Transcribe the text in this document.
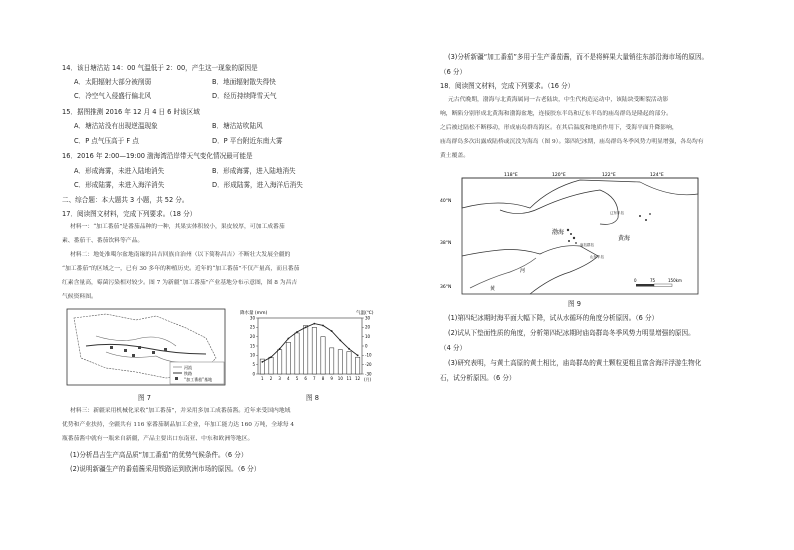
14．该日塘沽站 14：00 气温低于 2：00，产生这一现象的原因是
A．太阳辐射大部分被削弱	B．地面辐射散失得快
C．冷空气入侵盛行偏北风	D．经历持续降雪天气
15．据图推测 2016 年 12 月 4 日 6 时该区域
A．塘沽站没有出现逆温现象	B．塘沽站吹陆风
C．P 点气压高于 F 点	D．P 平台附近东南大雾
16．2016 年 2:00—19:00 渤海湾沿岸带天气变化情况最可能是
A．形成海雾，未进入陆地消失	B．形成海雾，进入陆地消失
C．形成陆雾，未进入海洋消失	D．形成陆雾，进入海洋后消失
二、综合题：本大题共 3 小题，共 52 分。
17．阅读图文材料，完成下列要求。（18 分）
材料一：“加工番茄”是番茄品种的一种，其果实体积较小，果皮较厚，可加工成番茄
素、番茄干、番茄饮料等产品。
材料二：地处准噶尔盆地南缘的昌吉回族自治州（以下简称昌吉）不断壮大发展全疆的
“加工番茄”的区域之一，已有 30 多年的种植历史。近年的“加工番茄”不仅产量高，而且番茄
红素含量高，霉菌污染相对较少。图 7 为新疆“加工番茄”产业基地分布示意图，图 8 为昌吉
气候资料图。
河流
铁路
“加工番茄”基地
图 7
降水量 (mm)	气温(℃)
30
25
20
15
10
5
0
30
20
10
0
-10
-20
-30
1 2 3 4 5 6 7 8 9 10 11 12 (月)
图 8
材料三：新疆采用机械化采收“加工番茄”，并采用多加工成番茄酱。近年来受国内地域
优势和产业扶持，全疆共有 116 家番茄制品加工企业，年加工能力达 160 万吨，全球每 4
瓶番茄酱中就有一瓶来自新疆，产品主要出口东南亚、中东和欧洲等地区。
(1)分析昌吉生产高品质“加工番茄”的优势气候条件。（6 分）
(2)说明新疆生产的番茄酱采用铁路运到欧洲市场的原因。（6 分）
(3)分析新疆“加工番茄”多用于生产番茄酱，而不是将鲜果大量销往东部沿海市场的原因。
（6 分）
18．阅读图文材料，完成下列要求。（16 分）
元古代晚期，渤海与北黄海属同一古老陆块，中生代构造运动中，该陆块受断裂活动影
响，断陷分别形成北黄海和渤海盆地，连接胶东半岛和辽东半岛的庙岛群岛是隆起的部分。
之后被过陆松不断移动，形成庙岛群岛海区。在其后温度和地质作用下，受海平面升降影响，
庙岛群岛多次出露成陆桥或沉没为海岛（图 9）。第四纪冰期，庙岛群岛冬季风势力明显增强，各岛均有
黄土覆盖。
118°E	120°E	122°E	124°E
40°N
38°N
36°N
渤海
黄海
辽东半岛
庙岛群岛
山东半岛
黄
河
0	75	150km
图 9
(1)第四纪冰期时海平面大幅下降，试从水循环的角度分析原因。（6 分）
(2)试从下垫面性质的角度，分析第四纪冰期时庙岛群岛冬季风势力明显增强的原因。
（4 分）
(3)研究表明，与黄土高原的黄土相比，庙岛群岛的黄土颗粒更粗且富含海洋浮游生物化
石，试分析原因。（6 分）
